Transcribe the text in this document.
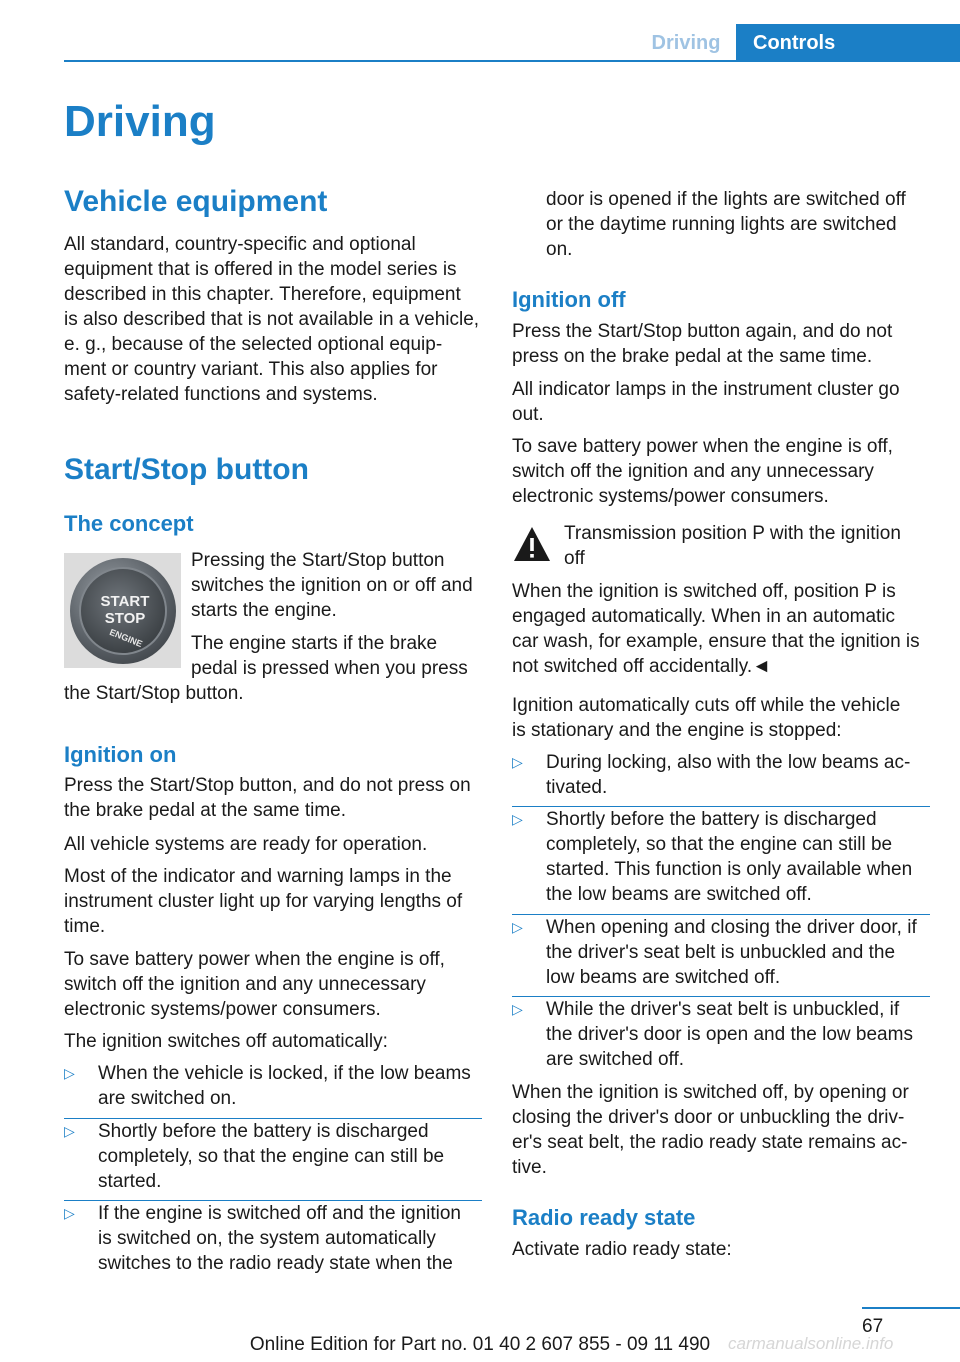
Driving	Controls
Driving
Vehicle equipment
All standard, country-specific and optional
equipment that is offered in the model series is
described in this chapter. Therefore, equipment
is also described that is not available in a vehicle,
e. g., because of the selected optional equip‐
ment or country variant. This also applies for
safety-related functions and systems.
Start/Stop button
The concept
START
STOP
ENGINE
Pressing the Start/Stop button
switches the ignition on or off and
starts the engine.
The engine starts if the brake
pedal is pressed when you press
the Start/Stop button.
Ignition on
Press the Start/Stop button, and do not press on
the brake pedal at the same time.
All vehicle systems are ready for operation.
Most of the indicator and warning lamps in the
instrument cluster light up for varying lengths of
time.
To save battery power when the engine is off,
switch off the ignition and any unnecessary
electronic systems/power consumers.
The ignition switches off automatically:
▷ When the vehicle is locked, if the low beams
are switched on.
▷ Shortly before the battery is discharged
completely, so that the engine can still be
started.
▷ If the engine is switched off and the ignition
is switched on, the system automatically
switches to the radio ready state when the
door is opened if the lights are switched off
or the daytime running lights are switched
on.
Ignition off
Press the Start/Stop button again, and do not
press on the brake pedal at the same time.
All indicator lamps in the instrument cluster go
out.
To save battery power when the engine is off,
switch off the ignition and any unnecessary
electronic systems/power consumers.
Transmission position P with the ignition
off
When the ignition is switched off, position P is
engaged automatically. When in an automatic
car wash, for example, ensure that the ignition is
not switched off accidentally.◄
Ignition automatically cuts off while the vehicle
is stationary and the engine is stopped:
▷ During locking, also with the low beams ac‐
tivated.
▷ Shortly before the battery is discharged
completely, so that the engine can still be
started. This function is only available when
the low beams are switched off.
▷ When opening and closing the driver door, if
the driver's seat belt is unbuckled and the
low beams are switched off.
▷ While the driver's seat belt is unbuckled, if
the driver's door is open and the low beams
are switched off.
When the ignition is switched off, by opening or
closing the driver's door or unbuckling the driv‐
er's seat belt, the radio ready state remains ac‐
tive.
Radio ready state
Activate radio ready state:
67
Online Edition for Part no. 01 40 2 607 855 - 09 11 490	carmanualsonline.info
